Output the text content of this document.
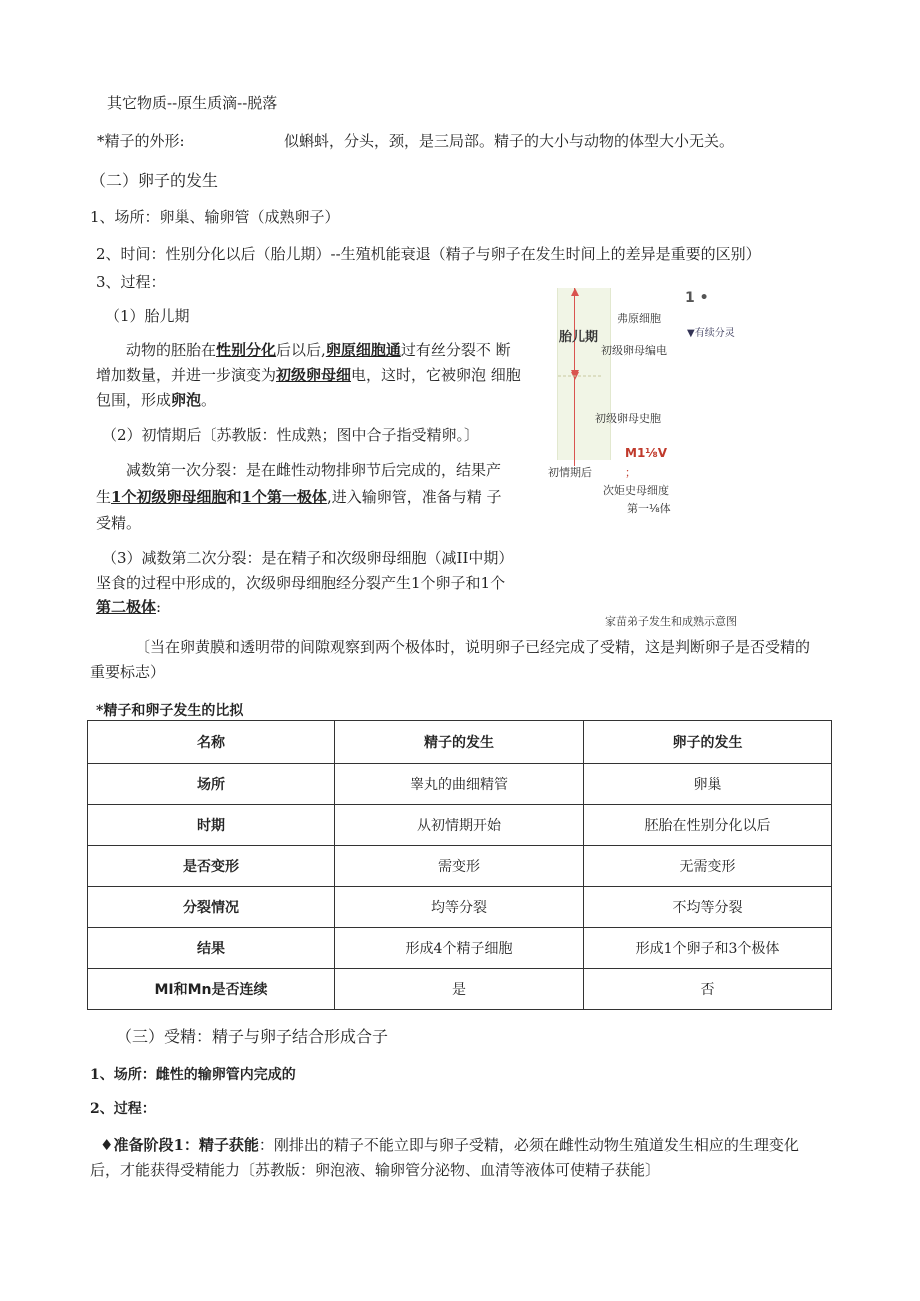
其它物质--原生质滴--脱落
*精子的外形:	似蝌蚪，分头，颈，是三局部。精子的大小与动物的体型大小无关。
（二）卵子的发生
1、场所：卵巢、输卵管（成熟卵子）
2、时间：性别分化以后（胎儿期）--生殖机能衰退（精子与卵子在发生时间上的差异是重要的区别）
3、过程：
（1）胎儿期
动物的胚胎在性别分化后以后,卵原细胞通过有丝分裂不 断
增加数量，并进一步演变为初级卵母细电，这时，它被卵泡 细胞
包围，形成卵泡。
（2）初情期后〔苏教版：性成熟；图中合子指受精卵。〕
减数第一次分裂：是在雌性动物排卵节后完成的，结果产
生1个初级卵母细胞和1个第一极体,进入输卵管，准备与精 子
受精。
（3）减数第二次分裂：是在精子和次级卵母细胞（减II中期）
坚食的过程中形成的，次级卵母细胞经分裂产生1个卵子和1个
第二极体:
1 •
胎儿期
弗原细胞
▼有续分灵
初级卵母编电
初级卵母史胞
初情期后
M1⅛V
；
次姖史母细度
第一⅛体
家苗弟子发生和成熟示意图
〔当在卵黄膜和透明带的间隙观察到两个极体时，说明卵子已经完成了受精，这是判断卵子是否受精的
重要标志）
*精子和卵子发生的比拟
名称	精子的发生	卵子的发生
场所	睾丸的曲细精管	卵巢
时期	从初情期开始	胚胎在性别分化以后
是否变形	需变形	无需变形
分裂情况	均等分裂	不均等分裂
结果	形成4个精子细胞	形成1个卵子和3个极体
MI和Mn是否连续	是	否
（三）受精：精子与卵子结合形成合子
1、场所：雌性的输卵管内完成的
2、过程：
♦准备阶段1：精子获能：刚排出的精子不能立即与卵子受精，必须在雌性动物生殖道发生相应的生理变化
后，才能获得受精能力〔苏教版：卵泡液、输卵管分泌物、血清等液体可使精子获能〕
